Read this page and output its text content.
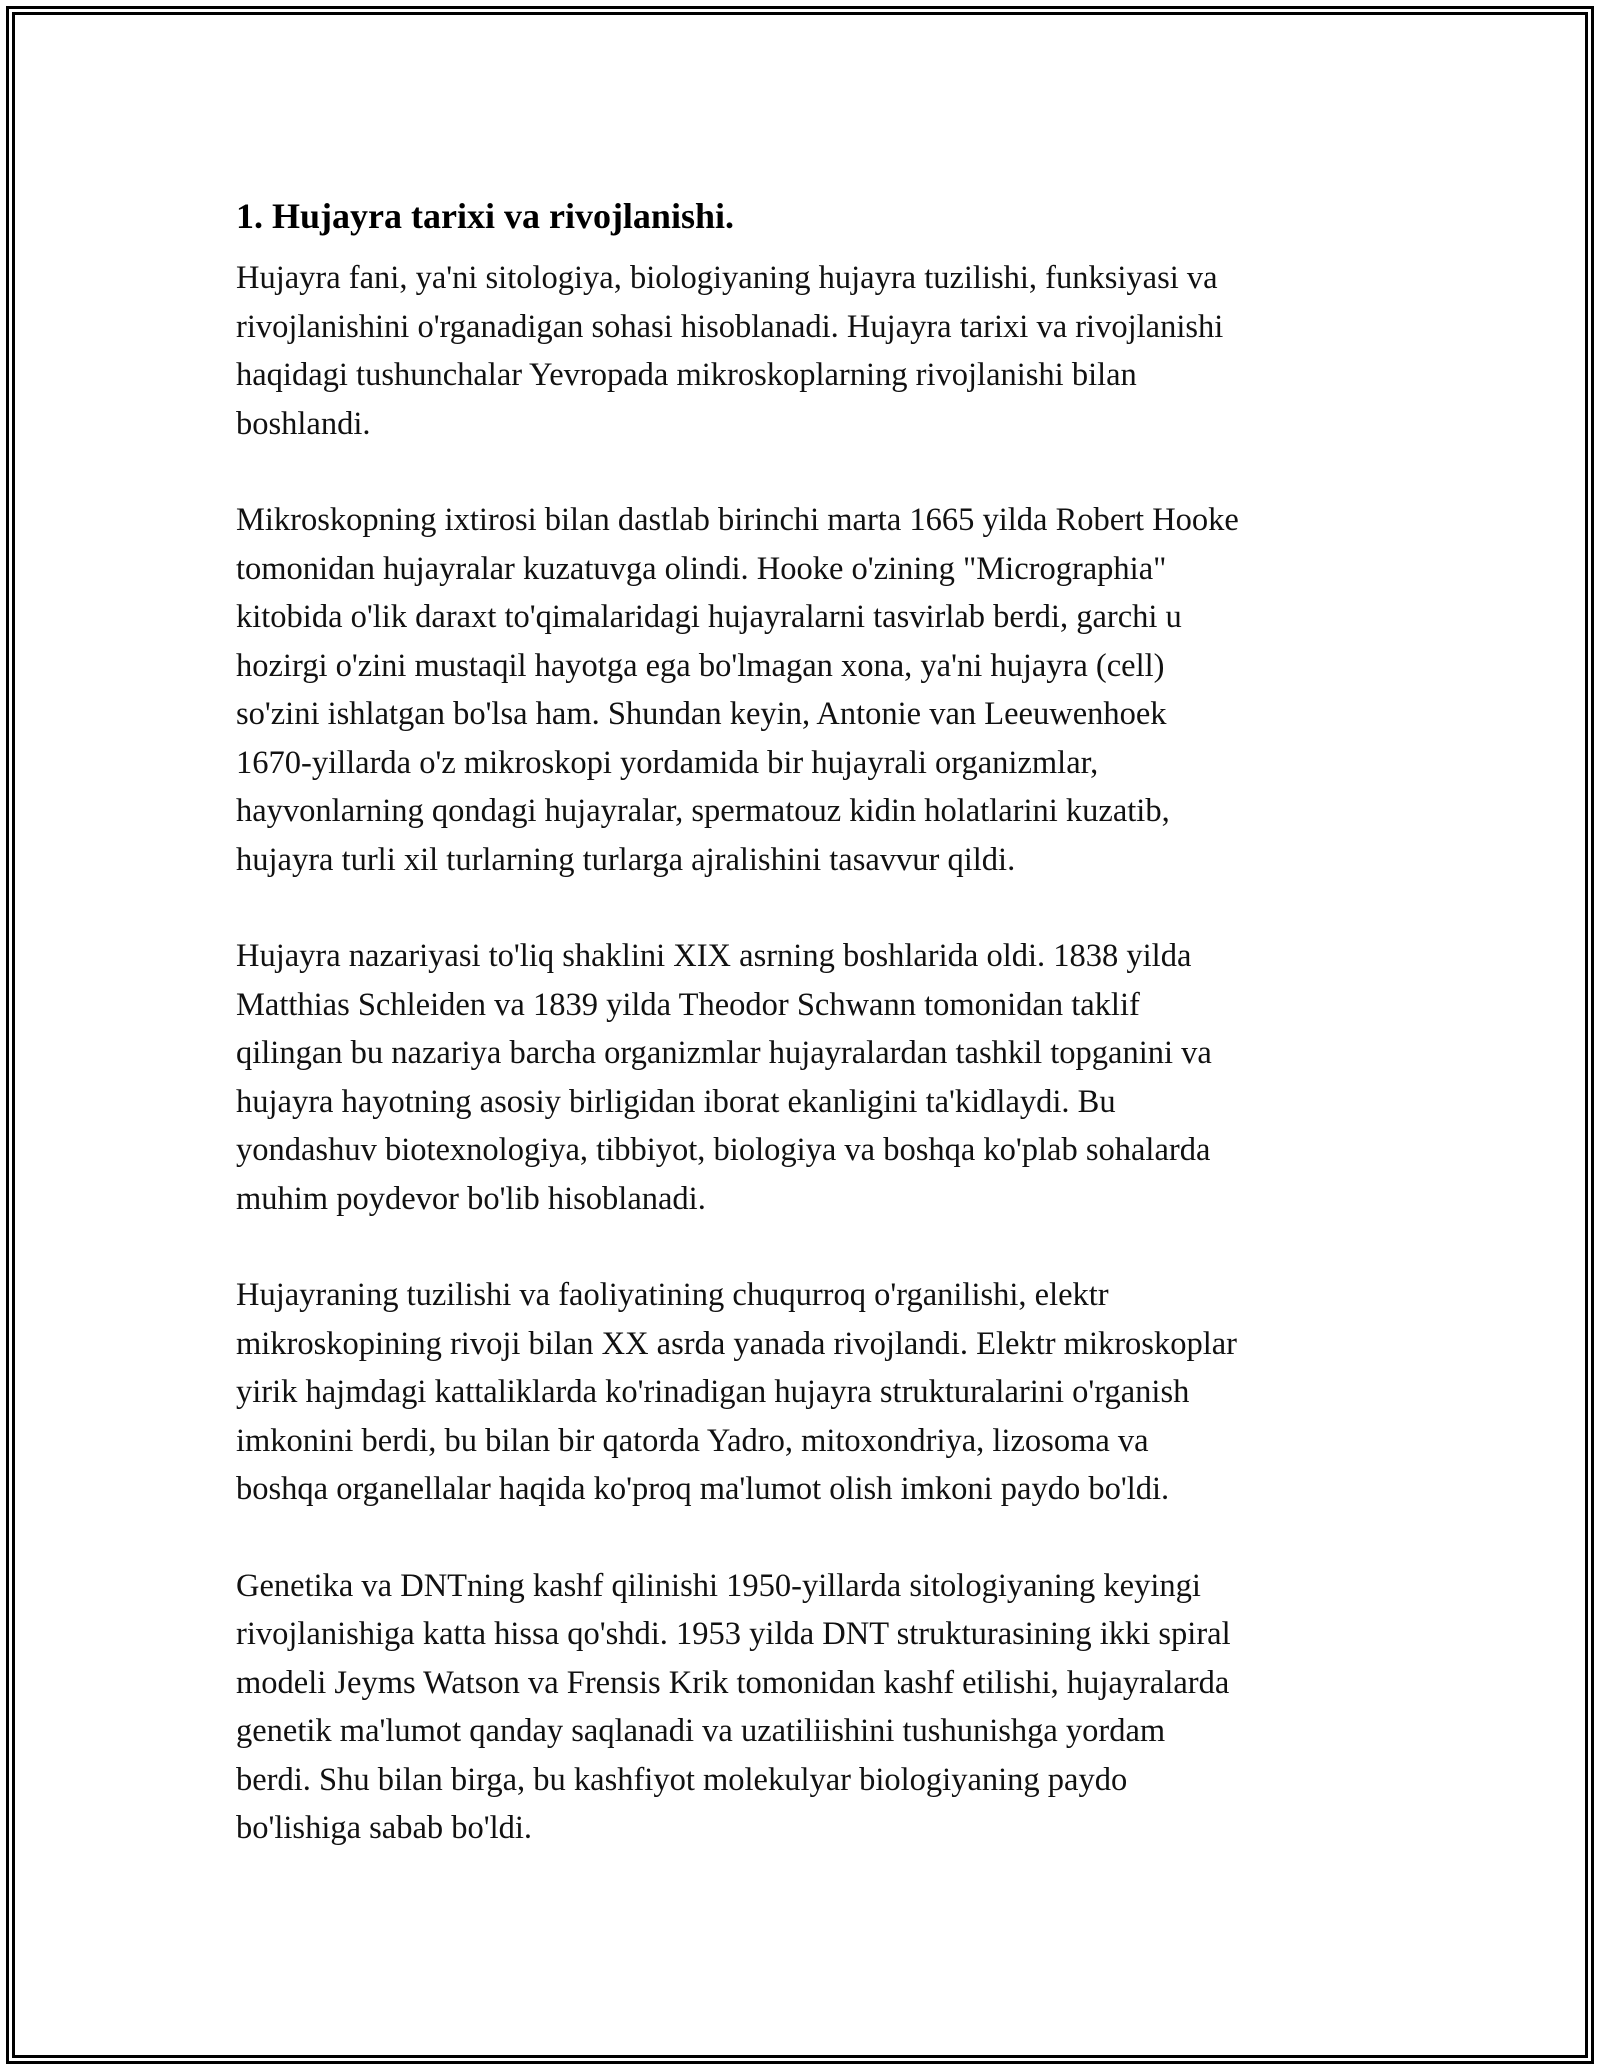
1. Hujayra tarixi va rivojlanishi.

Hujayra fani, ya'ni sitologiya, biologiyaning hujayra tuzilishi, funksiyasi va
rivojlanishini o'rganadigan sohasi hisoblanadi. Hujayra tarixi va rivojlanishi
haqidagi tushunchalar Yevropada mikroskoplarning rivojlanishi bilan
boshlandi.

Mikroskopning ixtirosi bilan dastlab birinchi marta 1665 yilda Robert Hooke
tomonidan hujayralar kuzatuvga olindi. Hooke o'zining "Micrographia"
kitobida o'lik daraxt to'qimalaridagi hujayralarni tasvirlab berdi, garchi u
hozirgi o'zini mustaqil hayotga ega bo'lmagan xona, ya'ni hujayra (cell)
so'zini ishlatgan bo'lsa ham. Shundan keyin, Antonie van Leeuwenhoek
1670-yillarda o'z mikroskopi yordamida bir hujayrali organizmlar,
hayvonlarning qondagi hujayralar, spermatouz kidin holatlarini kuzatib,
hujayra turli xil turlarning turlarga ajralishini tasavvur qildi.

Hujayra nazariyasi to'liq shaklini XIX asrning boshlarida oldi. 1838 yilda
Matthias Schleiden va 1839 yilda Theodor Schwann tomonidan taklif
qilingan bu nazariya barcha organizmlar hujayralardan tashkil topganini va
hujayra hayotning asosiy birligidan iborat ekanligini ta'kidlaydi. Bu
yondashuv biotexnologiya, tibbiyot, biologiya va boshqa ko'plab sohalarda
muhim poydevor bo'lib hisoblanadi.

Hujayraning tuzilishi va faoliyatining chuqurroq o'rganilishi, elektr
mikroskopining rivoji bilan XX asrda yanada rivojlandi. Elektr mikroskoplar
yirik hajmdagi kattaliklarda ko'rinadigan hujayra strukturalarini o'rganish
imkonini berdi, bu bilan bir qatorda Yadro, mitoxondriya, lizosoma va
boshqa organellalar haqida ko'proq ma'lumot olish imkoni paydo bo'ldi.

Genetika va DNTning kashf qilinishi 1950-yillarda sitologiyaning keyingi
rivojlanishiga katta hissa qo'shdi. 1953 yilda DNT strukturasining ikki spiral
modeli Jeyms Watson va Frensis Krik tomonidan kashf etilishi, hujayralarda
genetik ma'lumot qanday saqlanadi va uzatiliishini tushunishga yordam
berdi. Shu bilan birga, bu kashfiyot molekulyar biologiyaning paydo
bo'lishiga sabab bo'ldi.
